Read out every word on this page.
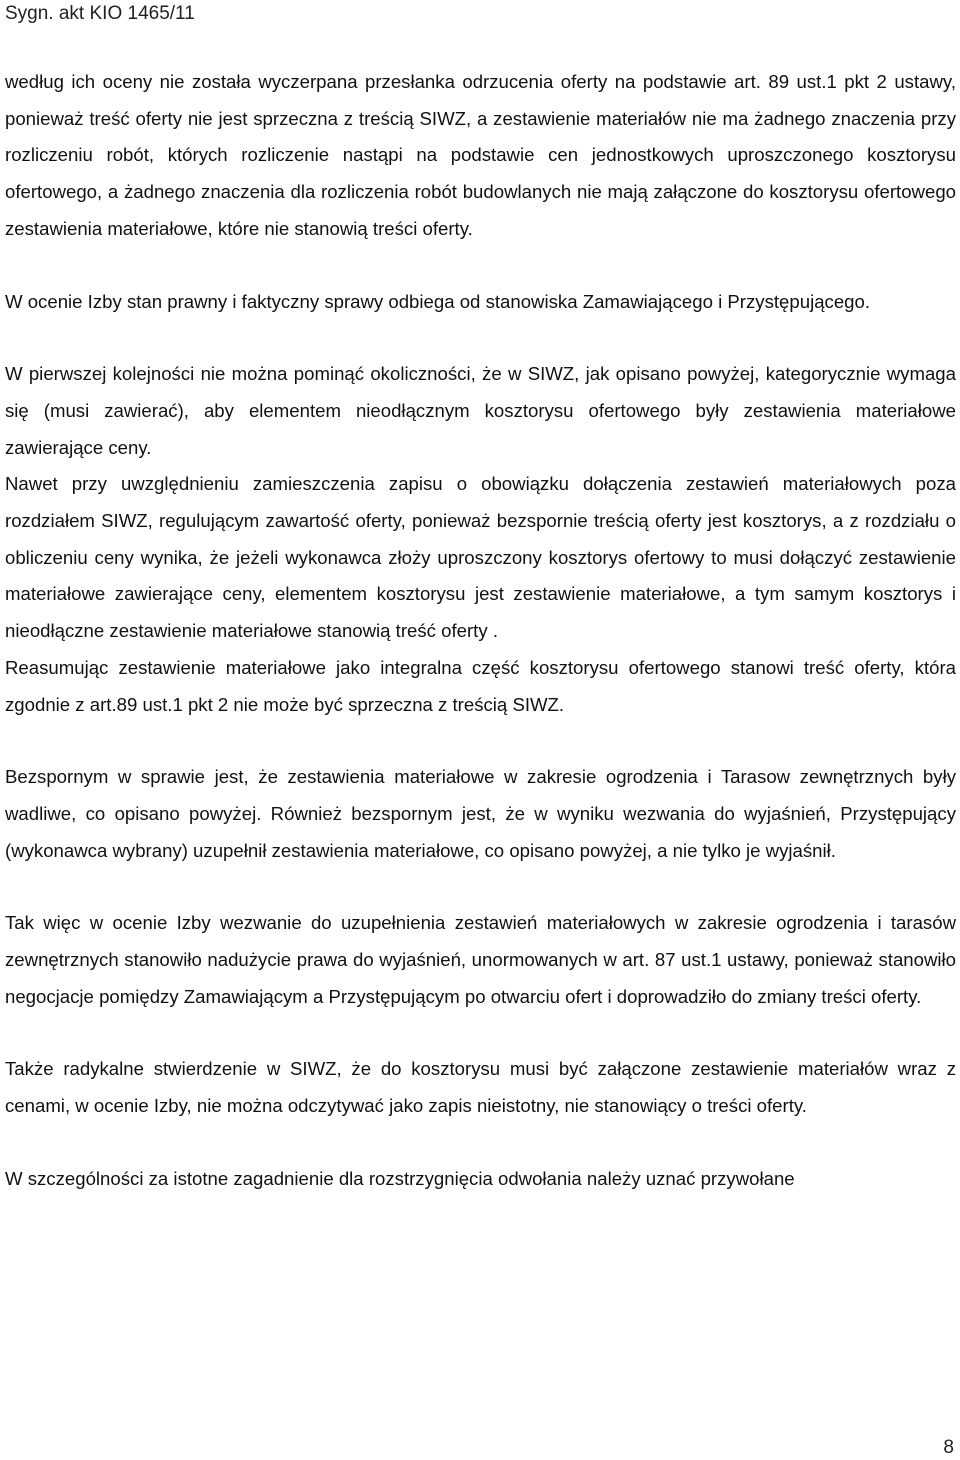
Sygn. akt KIO 1465/11

według ich oceny nie została wyczerpana przesłanka odrzucenia oferty na podstawie art. 89 ust.1 pkt 2 ustawy, ponieważ treść oferty nie jest sprzeczna z treścią SIWZ, a zestawienie materiałów nie ma żadnego znaczenia przy rozliczeniu robót, których rozliczenie nastąpi na podstawie cen jednostkowych uproszczonego kosztorysu ofertowego, a żadnego znaczenia dla rozliczenia robót budowlanych nie mają załączone do kosztorysu ofertowego zestawienia materiałowe, które nie stanowią treści oferty.

W ocenie Izby stan prawny i faktyczny sprawy odbiega od stanowiska Zamawiającego i Przystępującego.

W pierwszej kolejności nie można pominąć okoliczności, że w SIWZ, jak opisano powyżej, kategorycznie wymaga się (musi zawierać), aby elementem nieodłącznym kosztorysu ofertowego były zestawienia materiałowe zawierające ceny.

Nawet przy uwzględnieniu zamieszczenia zapisu o obowiązku dołączenia zestawień materiałowych poza rozdziałem SIWZ, regulującym zawartość oferty, ponieważ bezspornie treścią oferty jest kosztorys, a z rozdziału o obliczeniu ceny wynika, że jeżeli wykonawca złoży uproszczony kosztorys ofertowy to musi dołączyć zestawienie materiałowe zawierające ceny, elementem kosztorysu jest zestawienie materiałowe, a tym samym kosztorys i nieodłączne zestawienie materiałowe stanowią treść oferty .

Reasumując zestawienie materiałowe jako integralna część kosztorysu ofertowego stanowi treść oferty, która zgodnie z art.89 ust.1 pkt 2 nie może być sprzeczna z treścią SIWZ.

Bezspornym w sprawie jest, że zestawienia materiałowe w zakresie ogrodzenia i Tarasow zewnętrznych były wadliwe, co opisano powyżej. Również bezspornym jest, że w wyniku wezwania do wyjaśnień, Przystępujący (wykonawca wybrany) uzupełnił zestawienia materiałowe, co opisano powyżej, a nie tylko je wyjaśnił.

Tak więc w ocenie Izby wezwanie do uzupełnienia zestawień materiałowych w zakresie ogrodzenia i tarasów zewnętrznych stanowiło nadużycie prawa do wyjaśnień, unormowanych w art. 87 ust.1 ustawy, ponieważ stanowiło negocjacje pomiędzy Zamawiającym a Przystępującym po otwarciu ofert i doprowadziło do zmiany treści oferty.

Także radykalne stwierdzenie w SIWZ, że do kosztorysu musi być załączone zestawienie materiałów wraz z cenami, w ocenie Izby, nie można odczytywać jako zapis nieistotny, nie stanowiący o treści oferty.

W szczególności za istotne zagadnienie dla rozstrzygnięcia odwołania należy uznać przywołane

8
